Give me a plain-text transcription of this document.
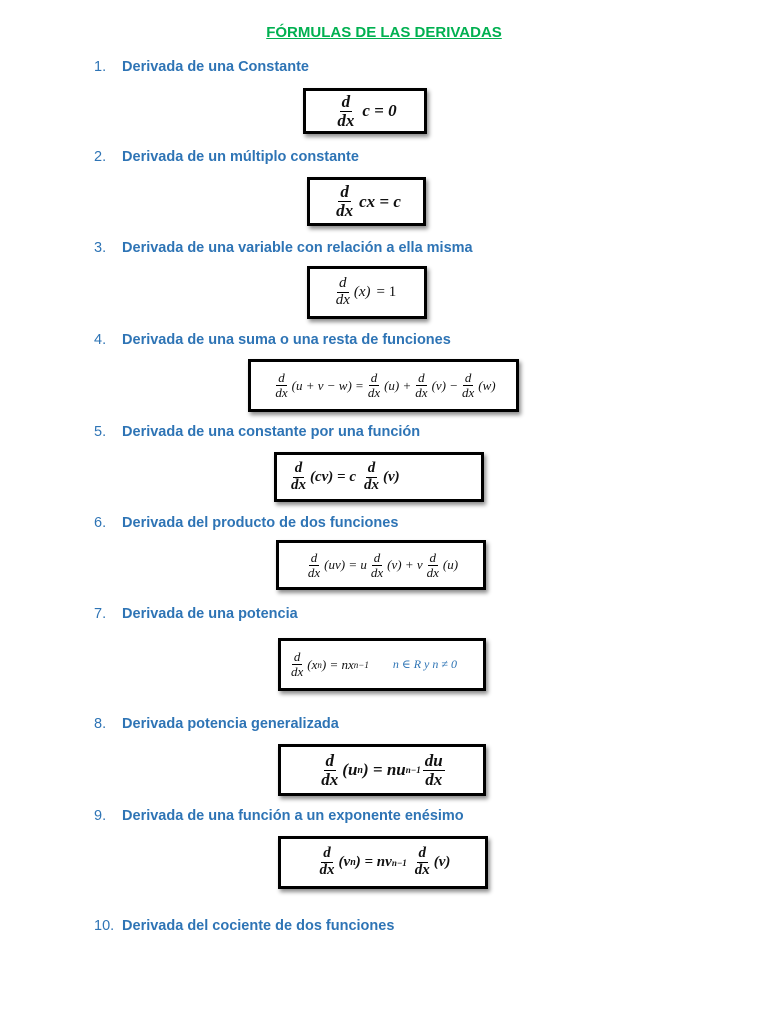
FÓRMULAS DE LAS DERIVADAS
1. Derivada de una Constante
$\frac{d}{dx}$ c = 0
2. Derivada de un múltiplo constante
$\frac{d}{dx}$ cx = c
3. Derivada de una variable con relación a ella misma
$\frac{d}{dx} (x) = 1$
4. Derivada de una suma o una resta de funciones
$\frac{d}{dx} (u + v - w) = \frac{d}{dx} (u) + \frac{d}{dx} (v) - \frac{d}{dx} (w)$
5. Derivada de una constante por una función
$\frac{d}{dx} (cv) = c \frac{d}{dx} (v)$
6. Derivada del producto de dos funciones
$\frac{d}{dx} (uv) = u \frac{d}{dx} (v) + v \frac{d}{dx} (u)$
7. Derivada de una potencia
$\frac{d}{dx} (x$ n ) = nx n−1 n ∈ R y n ≠ 0
8. Derivada potencia generalizada
$\frac{d}{dx} (u$ n ) = nu $n-1 \frac{du}{dx}$
9. Derivada de una función a un exponente enésimo
$\frac{d}{dx} (v$ n ) = nv $n-1 \frac{d}{dx} (v)$
10. Derivada del cociente de dos funciones
